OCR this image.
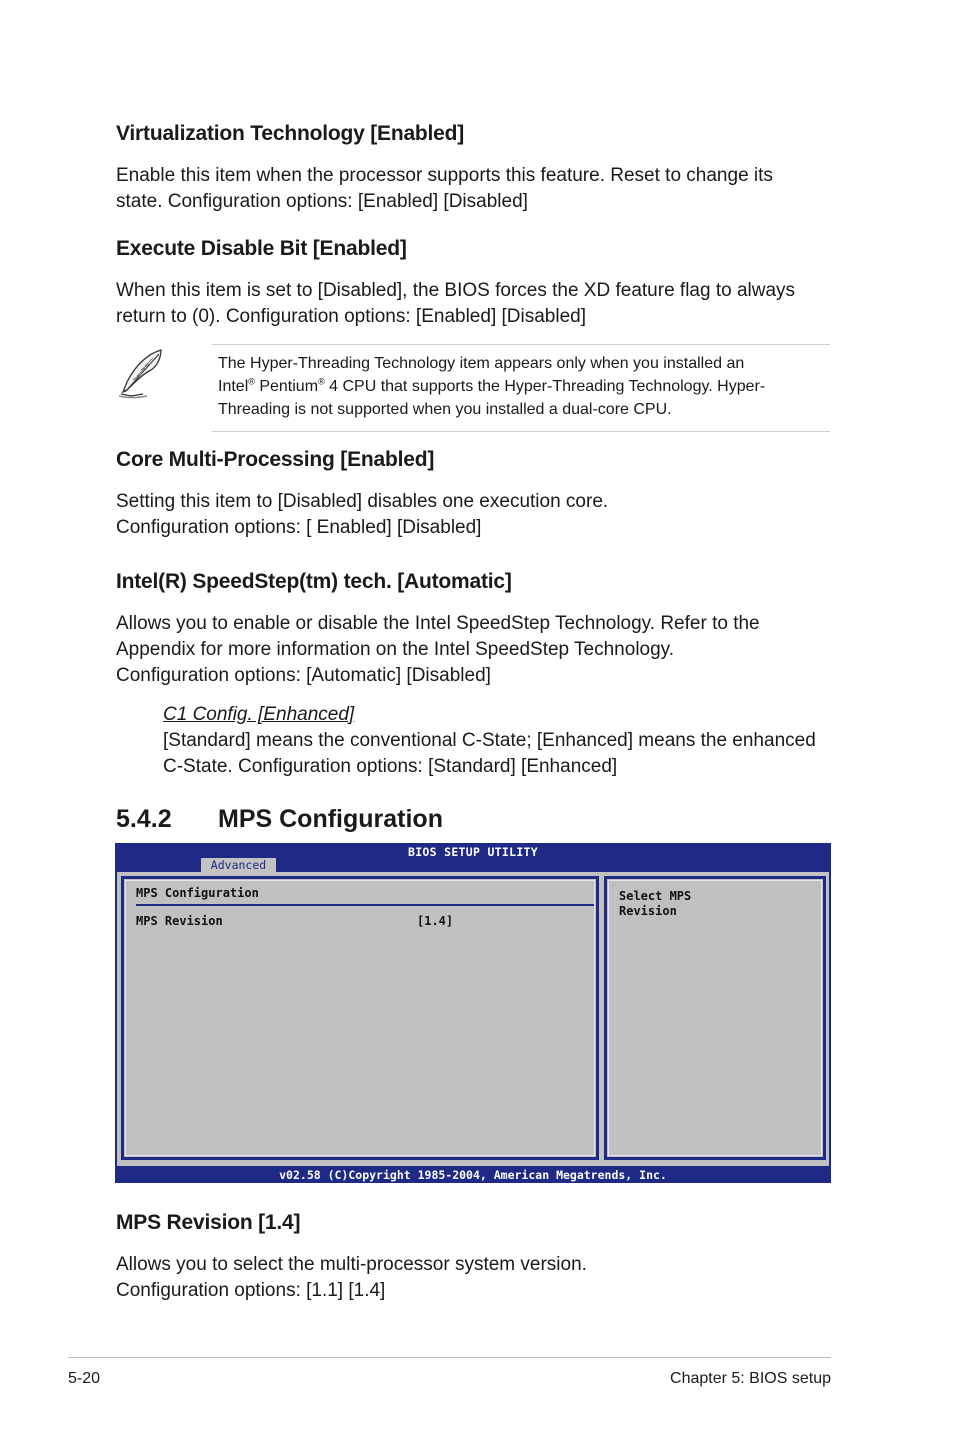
Virtualization Technology [Enabled]
Enable this item when the processor supports this feature. Reset to change its
state. Configuration options: [Enabled] [Disabled]
Execute Disable Bit [Enabled]
When this item is set to [Disabled], the BIOS forces the XD feature flag to always
return to (0). Configuration options: [Enabled] [Disabled]
The Hyper-Threading Technology item appears only when you installed an
Intel® Pentium® 4 CPU that supports the Hyper-Threading Technology. Hyper-
Threading is not supported when you installed a dual-core CPU.
Core Multi-Processing [Enabled]
Setting this item to [Disabled] disables one execution core.
Configuration options: [ Enabled] [Disabled]
Intel(R) SpeedStep(tm) tech. [Automatic]
Allows you to enable or disable the Intel SpeedStep Technology. Refer to the
Appendix for more information on the Intel SpeedStep Technology.
Configuration options: [Automatic] [Disabled]
C1 Config. [Enhanced]
[Standard] means the conventional C-State; [Enhanced] means the enhanced
C-State. Configuration options: [Standard] [Enhanced]
5.4.2 MPS Configuration
BIOS SETUP UTILITY
Advanced
MPS Configuration
MPS Revision	[1.4]
Select MPS
Revision
v02.58 (C)Copyright 1985-2004, American Megatrends, Inc.
MPS Revision [1.4]
Allows you to select the multi-processor system version.
Configuration options: [1.1] [1.4]
5-20	Chapter 5: BIOS setup
